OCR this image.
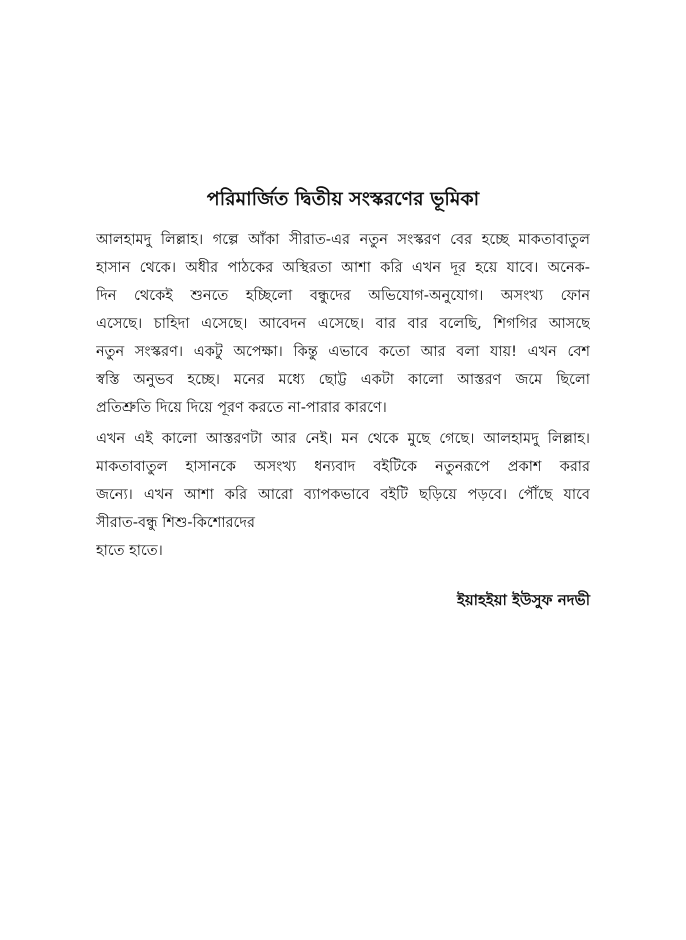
পরিমার্জিত দ্বিতীয় সংস্করণের ভূমিকা
আলহামদু লিল্লাহ। গল্পে আঁকা সীরাত-এর নতুন সংস্করণ বের হচ্ছে মাকতাবাতুল
হাসান থেকে। অধীর পাঠকের অস্থিরতা আশা করি এখন দূর হয়ে যাবে। অনেক-
দিন থেকেই শুনতে হচ্ছিলো বন্ধুদের অভিযোগ-অনুযোগ। অসংখ্য ফোন
এসেছে। চাহিদা এসেছে। আবেদন এসেছে। বার বার বলেছি, শিগগির আসছে
নতুন সংস্করণ। একটু অপেক্ষা। কিন্তু এভাবে কতো আর বলা যায়! এখন বেশ
স্বস্তি অনুভব হচ্ছে। মনের মধ্যে ছোট্ট একটা কালো আস্তরণ জমে ছিলো
প্রতিশ্রুতি দিয়ে দিয়ে পূরণ করতে না-পারার কারণে।
এখন এই কালো আস্তরণটা আর নেই। মন থেকে মুছে গেছে। আলহামদু লিল্লাহ।
মাকতাবাতুল হাসানকে অসংখ্য ধন্যবাদ বইটিকে নতুনরূপে প্রকাশ করার
জন্যে। এখন আশা করি আরো ব্যাপকভাবে বইটি ছড়িয়ে পড়বে। পৌঁছে যাবে
সীরাত-বন্ধু শিশু-কিশোরদের
হাতে হাতে।
ইয়াহইয়া ইউসুফ নদভী
